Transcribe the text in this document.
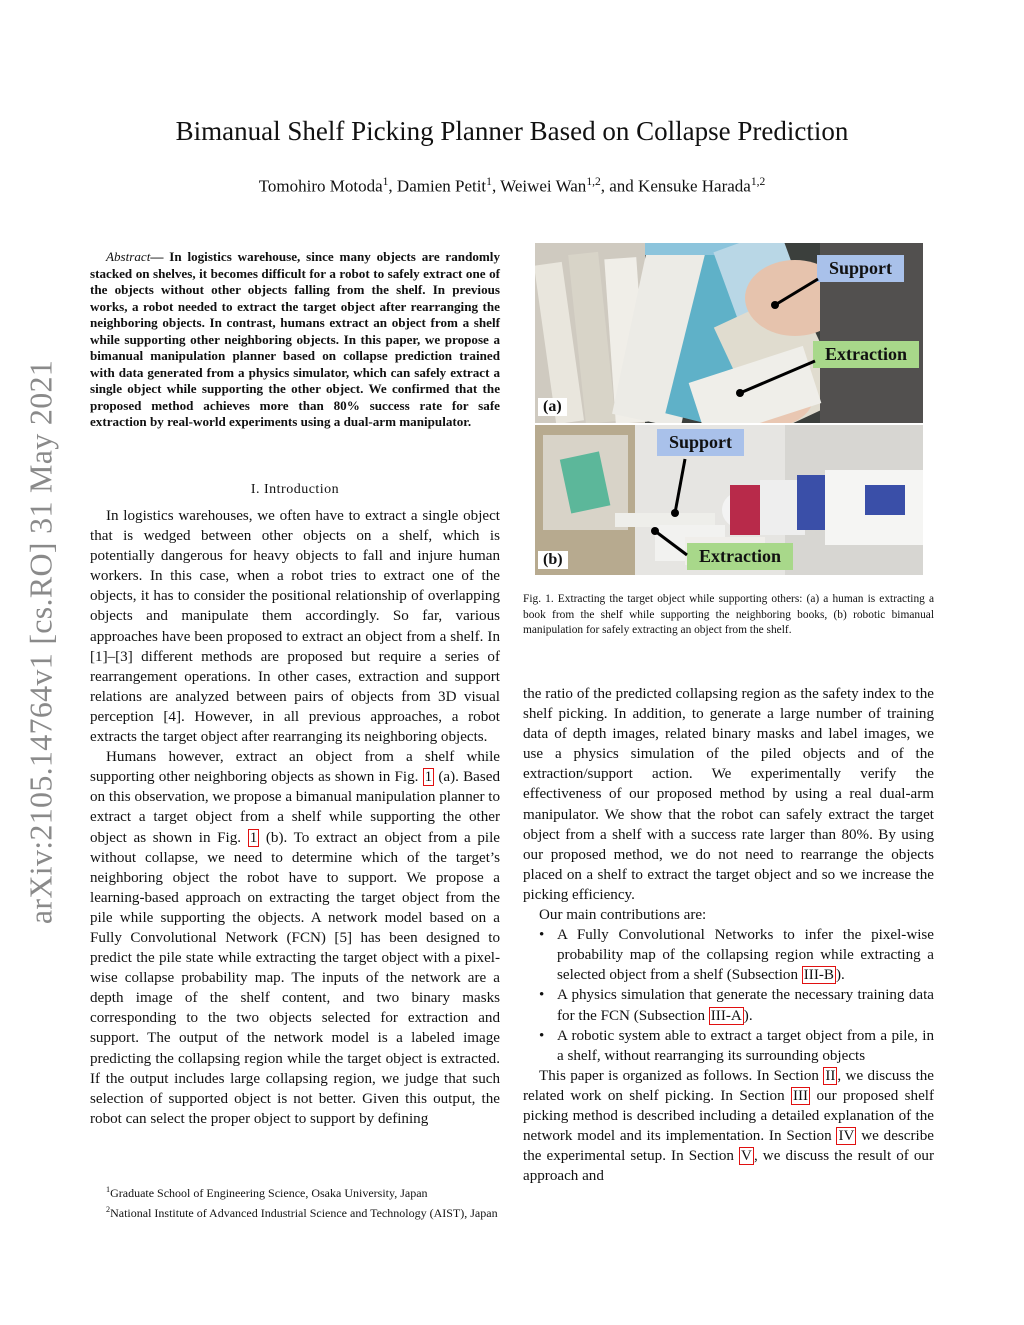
arXiv:2105.14764v1 [cs.RO] 31 May 2021
Bimanual Shelf Picking Planner Based on Collapse Prediction
Tomohiro Motoda$^1$, Damien Petit$^1$, Weiwei Wan$^{1,2}$, and Kensuke Harada$^{1,2}$
Abstract— In logistics warehouse, since many objects are randomly stacked on shelves, it becomes difficult for a robot to safely extract one of the objects without other objects falling from the shelf. In previous works, a robot needed to extract the target object after rearranging the neighboring objects. In contrast, humans extract an object from a shelf while supporting other neighboring objects. In this paper, we propose a bimanual manipulation planner based on collapse prediction trained with data generated from a physics simulator, which can safely extract a single object while supporting the other object. We confirmed that the proposed method achieves more than 80% success rate for safe extraction by real-world experiments using a dual-arm manipulator.
I. Introduction

In logistics warehouses, we often have to extract a single object that is wedged between other objects on a shelf, which is potentially dangerous for heavy objects to fall and injure human workers. In this case, when a robot tries to extract one of the objects, it has to consider the positional relationship of overlapping objects and manipulate them accordingly. So far, various approaches have been proposed to extract an object from a shelf. In [1]–[3] different methods are proposed but require a series of rearrangement operations. In other cases, extraction and support relations are analyzed between pairs of objects from 3D visual perception [4]. However, in all previous approaches, a robot extracts the target object after rearranging its neighboring objects.

Humans however, extract an object from a shelf while supporting other neighboring objects as shown in Fig. 1 (a). Based on this observation, we propose a bimanual manipulation planner to extract a target object from a shelf while supporting the other object as shown in Fig. 1 (b). To extract an object from a pile without collapse, we need to determine which of the target’s neighboring object the robot have to support. We propose a learning-based approach on extracting the target object from the pile while supporting the objects. A network model based on a Fully Convolutional Network (FCN) [5] has been designed to predict the pile state while extracting the target object with a pixel-wise collapse probability map. The inputs of the network are a depth image of the shelf content, and two binary masks corresponding to the two objects selected for extraction and support. The output of the network model is a labeled image predicting the collapsing region while the target object is extracted. If the output includes large collapsing region, we judge that such selection of supported object is not better. Given this output, the robot can select the proper object to support by defining

$^1$Graduate School of Engineering Science, Osaka University, Japan
$^2$National Institute of Advanced Industrial Science and Technology (AIST), Japan
Support
Extraction
(a)
Support
Extraction
(b)
Fig. 1. Extracting the target object while supporting others: (a) a human is extracting a book from the shelf while supporting the neighboring books, (b) robotic bimanual manipulation for safely extracting an object from the shelf.

the ratio of the predicted collapsing region as the safety index to the shelf picking. In addition, to generate a large number of training data of depth images, related binary masks and label images, we use a physics simulation of the piled objects and of the extraction/support action. We experimentally verify the effectiveness of our proposed method by using a real dual-arm manipulator. We show that the robot can safely extract the target object from a shelf with a success rate larger than 80%. By using our proposed method, we do not need to rearrange the objects placed on a shelf to extract the target object and so we increase the picking efficiency.

Our main contributions are:

• A Fully Convolutional Networks to infer the pixel-wise probability map of the collapsing region while extracting a selected object from a shelf (Subsection III-B ).
• A physics simulation that generate the necessary training data for the FCN (Subsection III-A ).
• A robotic system able to extract a target object from a pile, in a shelf, without rearranging its surrounding objects

This paper is organized as follows. In Section II , we discuss the related work on shelf picking. In Section III our proposed shelf picking method is described including a detailed explanation of the network model and its implementation. In Section IV we describe the experimental setup. In Section V , we discuss the result of our approach and
